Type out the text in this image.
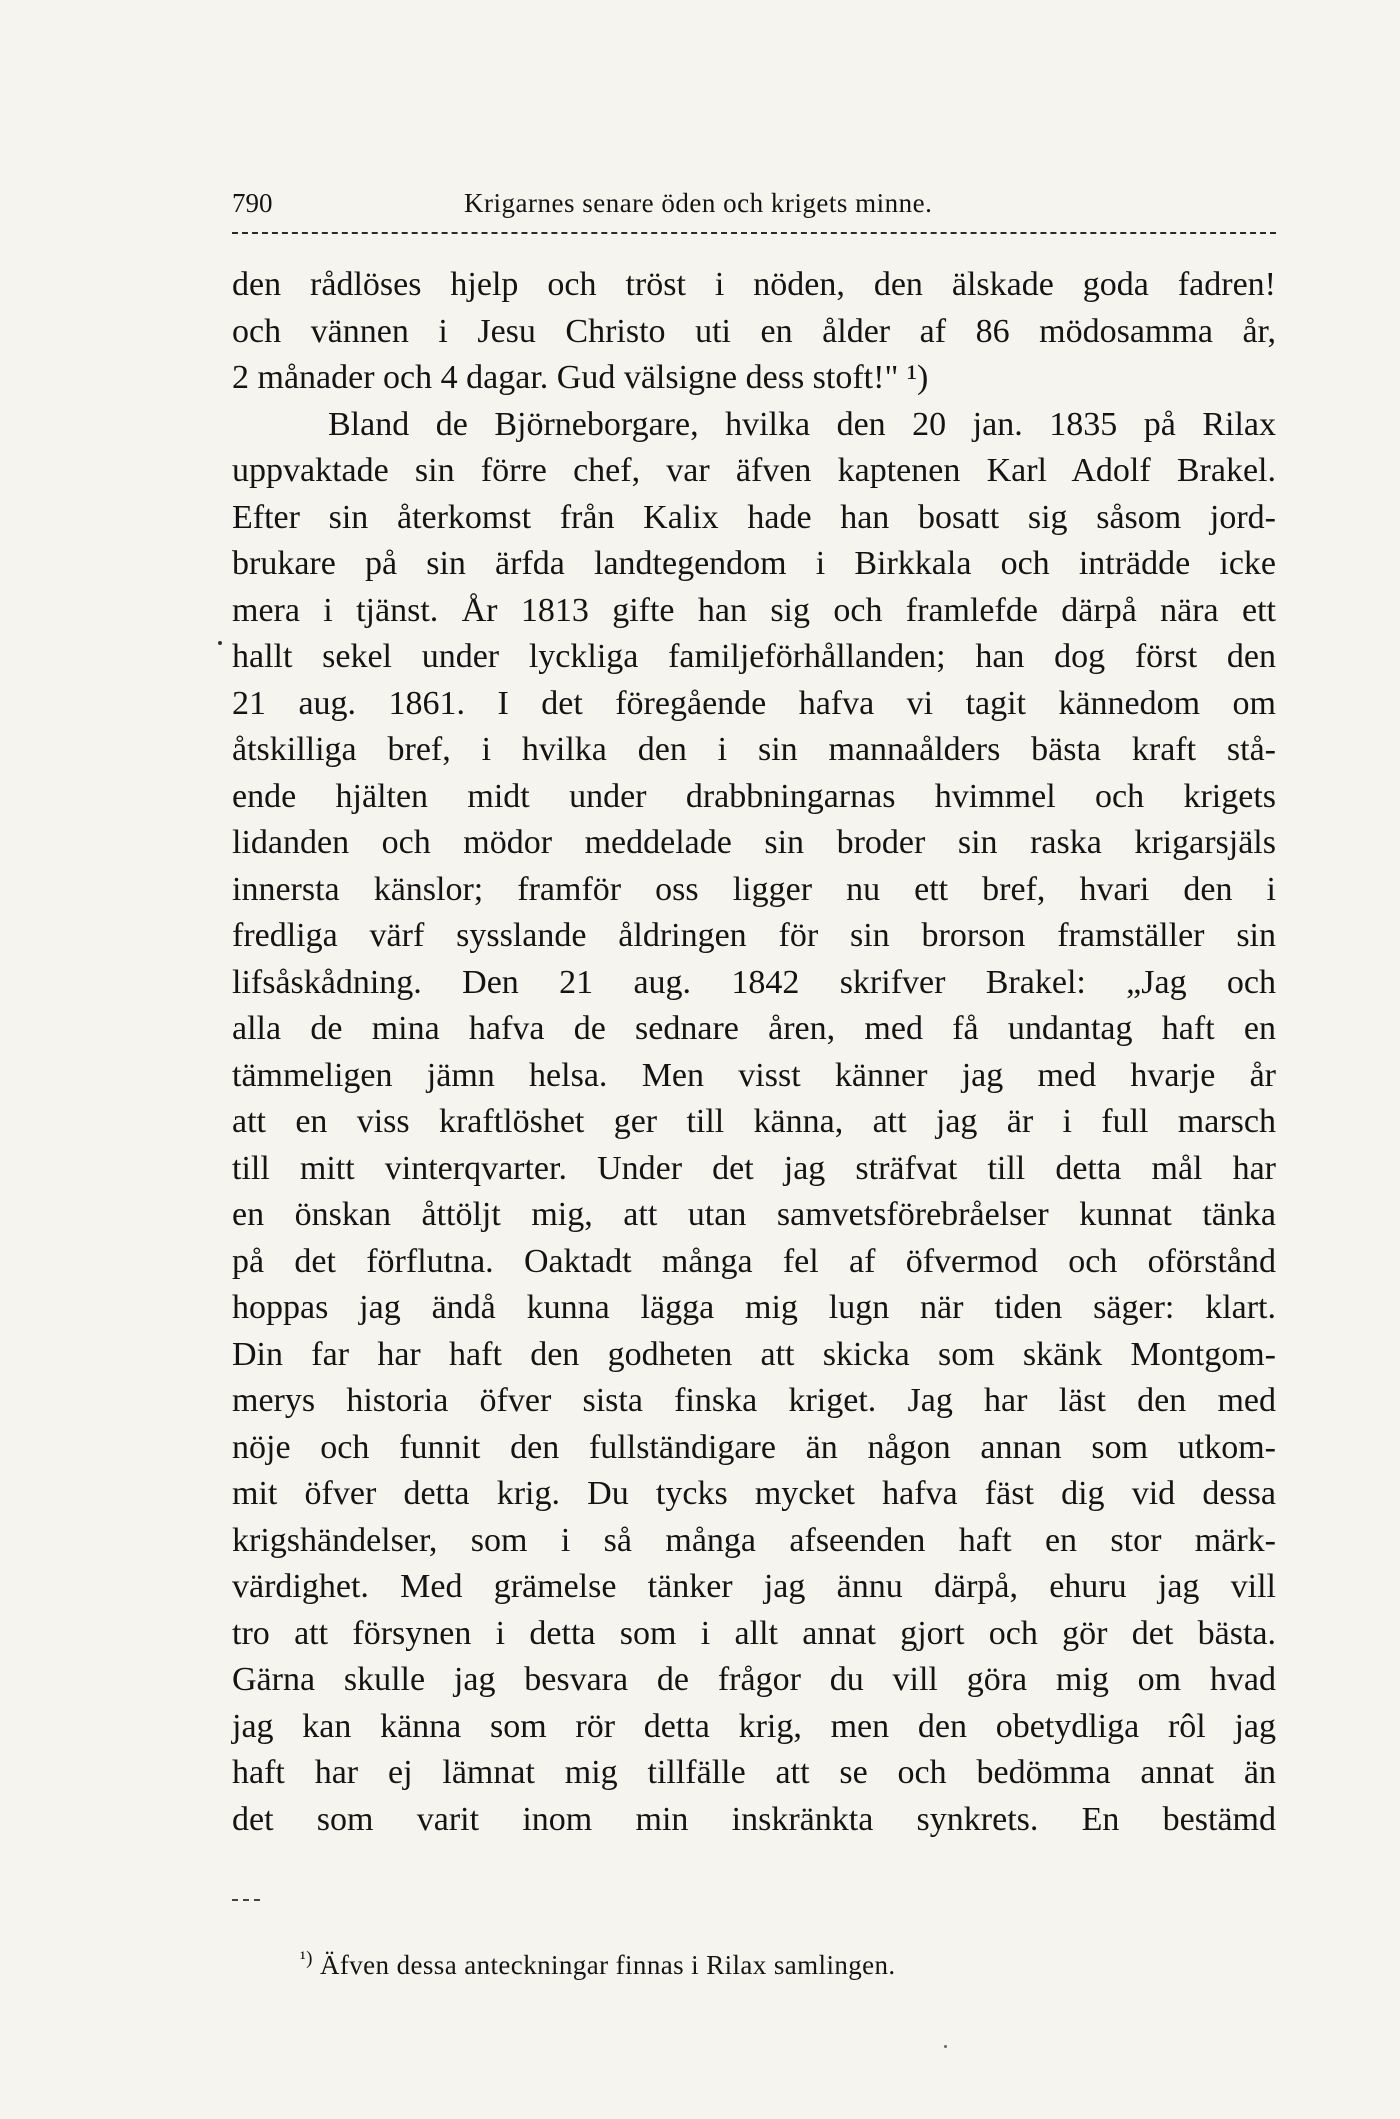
790	Krigarnes senare öden och krigets minne.
den rådlöses hjelp och tröst i nöden, den älskade goda fadren!
och vännen i Jesu Christo uti en ålder af 86 mödosamma år,
2 månader och 4 dagar. Gud välsigne dess stoft!" ¹)
Bland de Björneborgare, hvilka den 20 jan. 1835 på Rilax
uppvaktade sin förre chef, var äfven kaptenen Karl Adolf Brakel.
Efter sin återkomst från Kalix hade han bosatt sig såsom jord-
brukare på sin ärfda landtegendom i Birkkala och inträdde icke
mera i tjänst. År 1813 gifte han sig och framlefde därpå nära ett
hallt sekel under lyckliga familjeförhållanden; han dog först den
21 aug. 1861. I det föregående hafva vi tagit kännedom om
åtskilliga bref, i hvilka den i sin mannaålders bästa kraft stå-
ende hjälten midt under drabbningarnas hvimmel och krigets
lidanden och mödor meddelade sin broder sin raska krigarsjäls
innersta känslor; framför oss ligger nu ett bref, hvari den i
fredliga värf sysslande åldringen för sin brorson framställer sin
lifsåskådning. Den 21 aug. 1842 skrifver Brakel: „Jag och
alla de mina hafva de sednare åren, med få undantag haft en
tämmeligen jämn helsa. Men visst känner jag med hvarje år
att en viss kraftlöshet ger till känna, att jag är i full marsch
till mitt vinterqvarter. Under det jag sträfvat till detta mål har
en önskan åttöljt mig, att utan samvetsförebråelser kunnat tänka
på det förflutna. Oaktadt många fel af öfvermod och oförstånd
hoppas jag ändå kunna lägga mig lugn när tiden säger: klart.
Din far har haft den godheten att skicka som skänk Montgom-
merys historia öfver sista finska kriget. Jag har läst den med
nöje och funnit den fullständigare än någon annan som utkom-
mit öfver detta krig. Du tycks mycket hafva fäst dig vid dessa
krigshändelser, som i så många afseenden haft en stor märk-
värdighet. Med grämelse tänker jag ännu därpå, ehuru jag vill
tro att försynen i detta som i allt annat gjort och gör det bästa.
Gärna skulle jag besvara de frågor du vill göra mig om hvad
jag kan känna som rör detta krig, men den obetydliga rôl jag
haft har ej lämnat mig tillfälle att se och bedömma annat än
det som varit inom min inskränkta synkrets. En bestämd
$^{^1)}$ Äfven dessa anteckningar finnas i Rilax samlingen.
